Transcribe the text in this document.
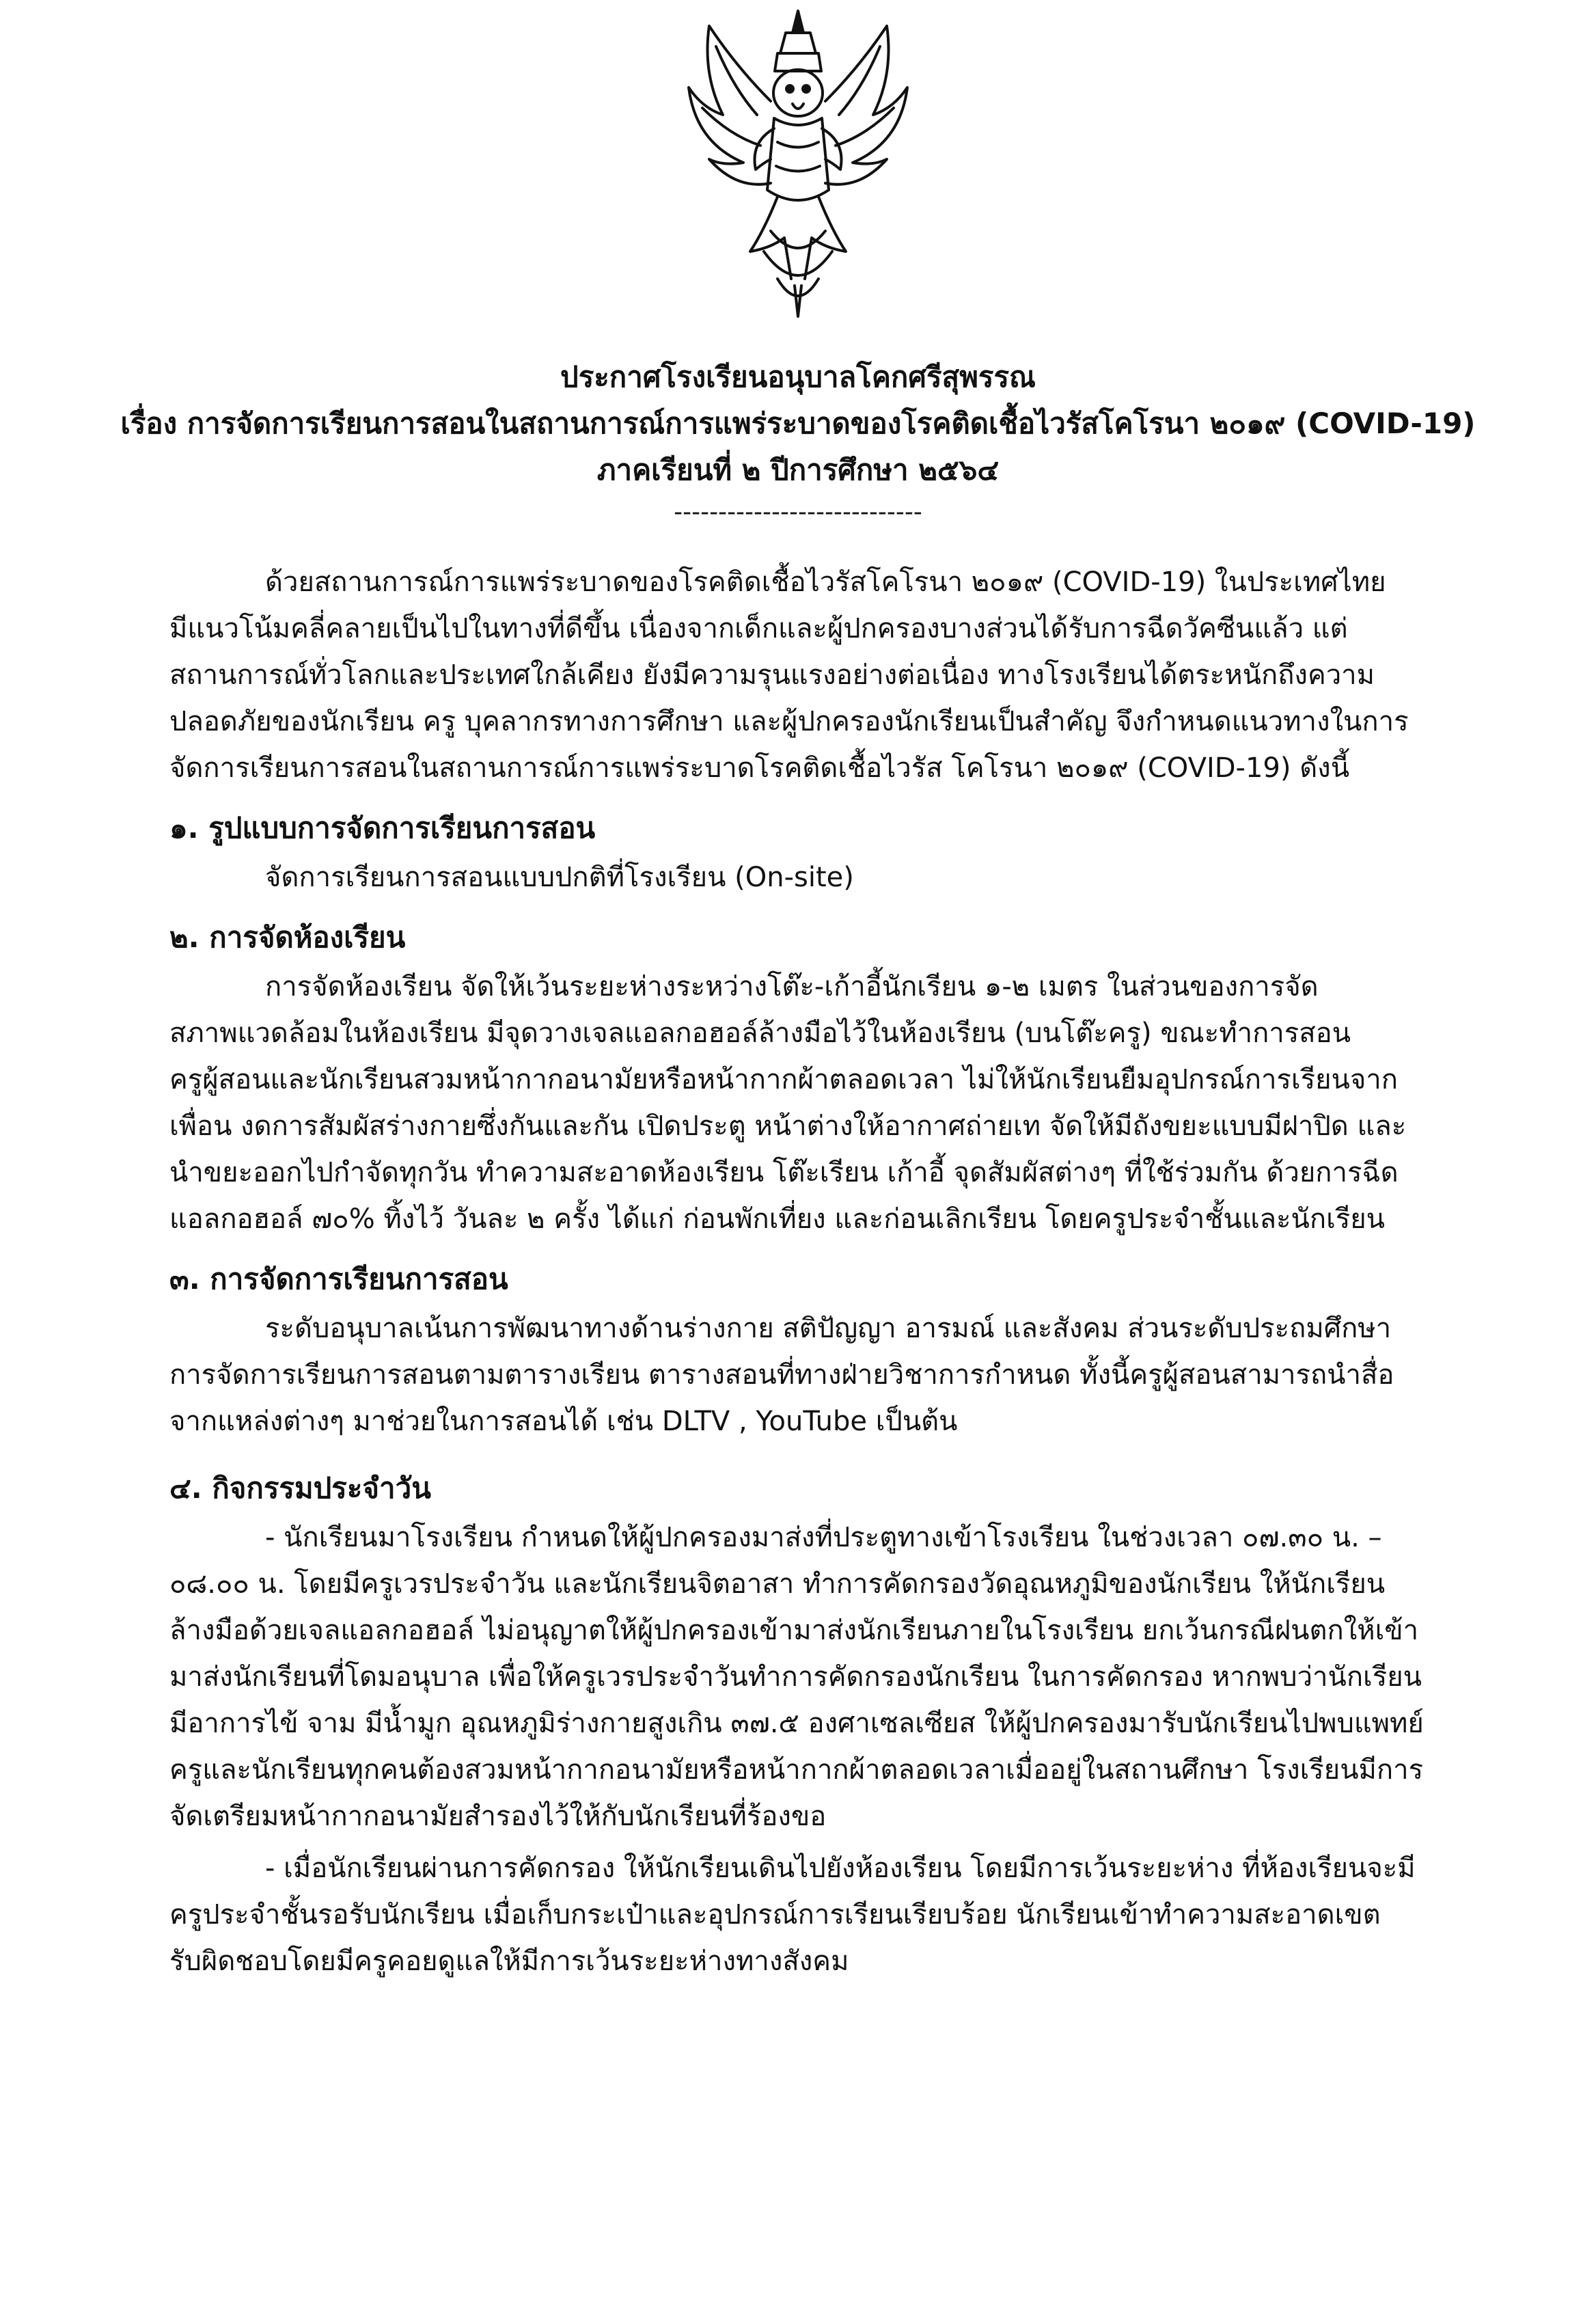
ประกาศโรงเรียนอนุบาลโคกศรีสุพรรณ
เรื่อง การจัดการเรียนการสอนในสถานการณ์การแพร่ระบาดของโรคติดเชื้อไวรัสโคโรนา ๒๐๑๙ (COVID-19)
ภาคเรียนที่ ๒ ปีการศึกษา ๒๕๖๔
----------------------------
ด้วยสถานการณ์การแพร่ระบาดของโรคติดเชื้อไวรัสโคโรนา ๒๐๑๙ (COVID-19) ในประเทศไทย
มีแนวโน้มคลี่คลายเป็นไปในทางที่ดีขึ้น เนื่องจากเด็กและผู้ปกครองบางส่วนได้รับการฉีดวัคซีนแล้ว แต่
สถานการณ์ทั่วโลกและประเทศใกล้เคียง ยังมีความรุนแรงอย่างต่อเนื่อง ทางโรงเรียนได้ตระหนักถึงความ
ปลอดภัยของนักเรียน ครู บุคลากรทางการศึกษา และผู้ปกครองนักเรียนเป็นสำคัญ จึงกำหนดแนวทางในการ
จัดการเรียนการสอนในสถานการณ์การแพร่ระบาดโรคติดเชื้อไวรัส โคโรนา ๒๐๑๙ (COVID-19) ดังนี้
๑. รูปแบบการจัดการเรียนการสอน
จัดการเรียนการสอนแบบปกติที่โรงเรียน (On-site)
๒. การจัดห้องเรียน
การจัดห้องเรียน จัดให้เว้นระยะห่างระหว่างโต๊ะ-เก้าอี้นักเรียน ๑-๒ เมตร ในส่วนของการจัด
สภาพแวดล้อมในห้องเรียน มีจุดวางเจลแอลกอฮอล์ล้างมือไว้ในห้องเรียน (บนโต๊ะครู) ขณะทำการสอน
ครูผู้สอนและนักเรียนสวมหน้ากากอนามัยหรือหน้ากากผ้าตลอดเวลา ไม่ให้นักเรียนยืมอุปกรณ์การเรียนจาก
เพื่อน งดการสัมผัสร่างกายซึ่งกันและกัน เปิดประตู หน้าต่างให้อากาศถ่ายเท จัดให้มีถังขยะแบบมีฝาปิด และ
นำขยะออกไปกำจัดทุกวัน ทำความสะอาดห้องเรียน โต๊ะเรียน เก้าอี้ จุดสัมผัสต่างๆ ที่ใช้ร่วมกัน ด้วยการฉีด
แอลกอฮอล์ ๗๐% ทิ้งไว้ วันละ ๒ ครั้ง ได้แก่ ก่อนพักเที่ยง และก่อนเลิกเรียน โดยครูประจำชั้นและนักเรียน
๓. การจัดการเรียนการสอน
ระดับอนุบาลเน้นการพัฒนาทางด้านร่างกาย สติปัญญา อารมณ์ และสังคม ส่วนระดับประถมศึกษา
การจัดการเรียนการสอนตามตารางเรียน ตารางสอนที่ทางฝ่ายวิชาการกำหนด ทั้งนี้ครูผู้สอนสามารถนำสื่อ
จากแหล่งต่างๆ มาช่วยในการสอนได้ เช่น DLTV , YouTube เป็นต้น
๔. กิจกรรมประจำวัน
- นักเรียนมาโรงเรียน กำหนดให้ผู้ปกครองมาส่งที่ประตูทางเข้าโรงเรียน ในช่วงเวลา ๐๗.๓๐ น. –
๐๘.๐๐ น. โดยมีครูเวรประจำวัน และนักเรียนจิตอาสา ทำการคัดกรองวัดอุณหภูมิของนักเรียน ให้นักเรียน
ล้างมือด้วยเจลแอลกอฮอล์ ไม่อนุญาตให้ผู้ปกครองเข้ามาส่งนักเรียนภายในโรงเรียน ยกเว้นกรณีฝนตกให้เข้า
มาส่งนักเรียนที่โดมอนุบาล เพื่อให้ครูเวรประจำวันทำการคัดกรองนักเรียน ในการคัดกรอง หากพบว่านักเรียน
มีอาการไข้ จาม มีน้ำมูก อุณหภูมิร่างกายสูงเกิน ๓๗.๕ องศาเซลเซียส ให้ผู้ปกครองมารับนักเรียนไปพบแพทย์
ครูและนักเรียนทุกคนต้องสวมหน้ากากอนามัยหรือหน้ากากผ้าตลอดเวลาเมื่ออยู่ในสถานศึกษา โรงเรียนมีการ
จัดเตรียมหน้ากากอนามัยสำรองไว้ให้กับนักเรียนที่ร้องขอ
- เมื่อนักเรียนผ่านการคัดกรอง ให้นักเรียนเดินไปยังห้องเรียน โดยมีการเว้นระยะห่าง ที่ห้องเรียนจะมี
ครูประจำชั้นรอรับนักเรียน เมื่อเก็บกระเป๋าและอุปกรณ์การเรียนเรียบร้อย นักเรียนเข้าทำความสะอาดเขต
รับผิดชอบโดยมีครูคอยดูแลให้มีการเว้นระยะห่างทางสังคม
